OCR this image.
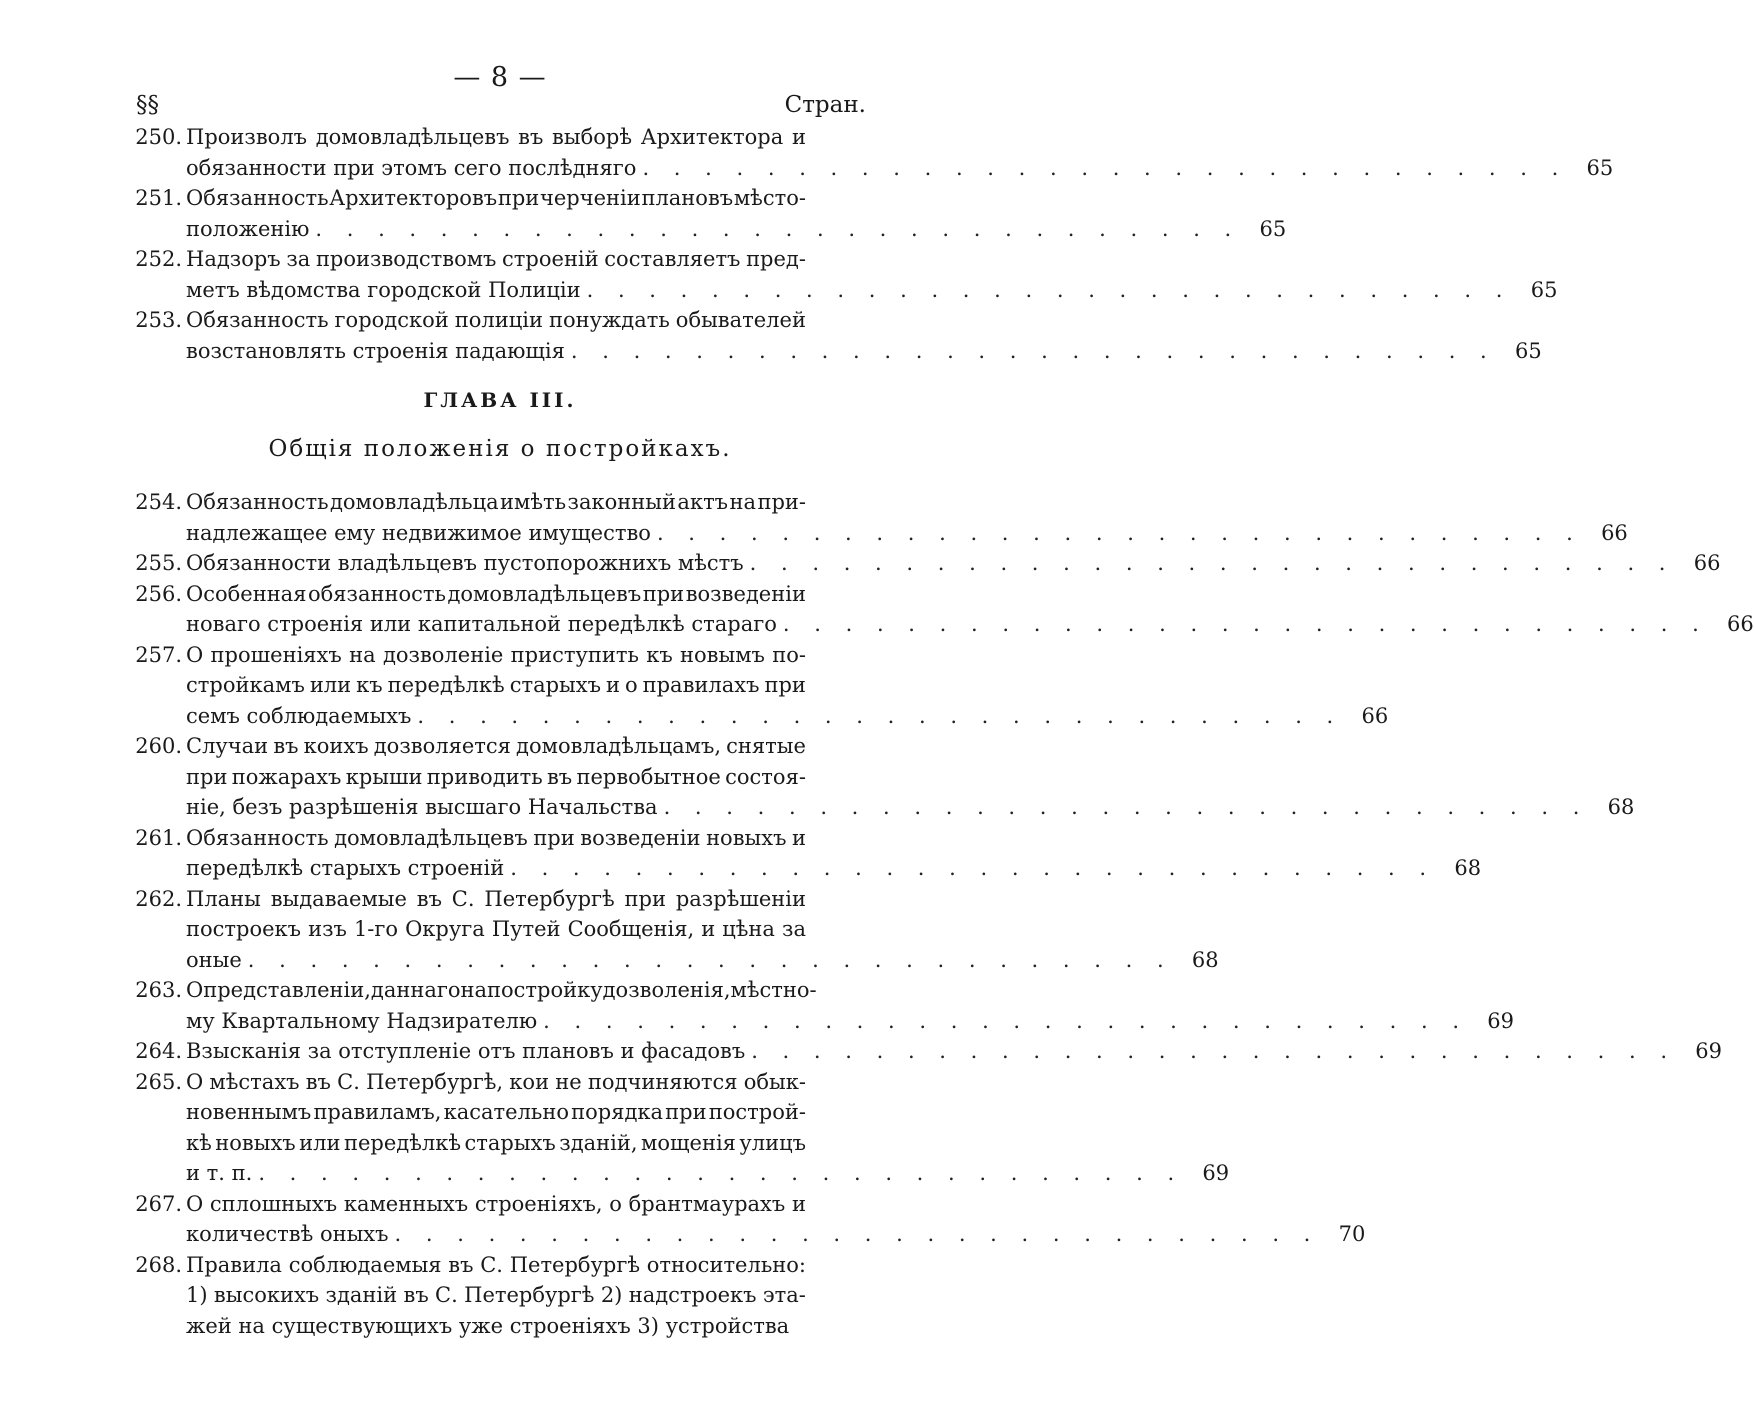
— 8 —
§§	Стран.
250. Произволъ домовладѣльцевъ въ выборѣ Архитектора и
обязанности при этомъ сего послѣдняго . . . . . . . . . . . . . . . . . . . . . . . . . . . . . . 65
251. Обязанность Архитекторовъ при черченіи плановъ мѣсто-
положенію . . . . . . . . . . . . . . . . . . . . . . . . . . . . . . 65
252. Надзоръ за производствомъ строеній составляетъ пред-
метъ вѣдомства городской Полиціи . . . . . . . . . . . . . . . . . . . . . . . . . . . . . . 65
253. Обязанность городской полиціи понуждать обывателей
возстановлять строенія падающія . . . . . . . . . . . . . . . . . . . . . . . . . . . . . . 65
ГЛАВА III.
Общія положенія о постройкахъ.
254. Обязанность домовладѣльца имѣть законный актъ на при-
надлежащее ему недвижимое имущество . . . . . . . . . . . . . . . . . . . . . . . . . . . . . . 66
255. Обязанности владѣльцевъ пустопорожнихъ мѣстъ . . . . . . . . . . . . . . . . . . . . . . . . . . . . . . 66
256. Особенная обязанность домовладѣльцевъ при возведеніи
новаго строенія или капитальной передѣлкѣ стараго . . . . . . . . . . . . . . . . . . . . . . . . . . . . . . 66
257. О прошеніяхъ на дозволеніе приступить къ новымъ по-
стройкамъ или къ передѣлкѣ старыхъ и о правилахъ при
семъ соблюдаемыхъ . . . . . . . . . . . . . . . . . . . . . . . . . . . . . . 66
260. Случаи въ коихъ дозволяется домовладѣльцамъ, снятые
при пожарахъ крыши приводить въ первобытное состоя-
ніе, безъ разрѣшенія высшаго Начальства . . . . . . . . . . . . . . . . . . . . . . . . . . . . . . 68
261. Обязанность домовладѣльцевъ при возведеніи новыхъ и
передѣлкѣ старыхъ строеній . . . . . . . . . . . . . . . . . . . . . . . . . . . . . . 68
262. Планы выдаваемые въ С. Петербургѣ при разрѣшеніи
построекъ изъ 1-го Округа Путей Сообщенія, и цѣна за
оные . . . . . . . . . . . . . . . . . . . . . . . . . . . . . . 68
263. О представленіи, даннаго на постройку дозволенія, мѣстно-
му Квартальному Надзирателю . . . . . . . . . . . . . . . . . . . . . . . . . . . . . . 69
264. Взысканія за отступленіе отъ плановъ и фасадовъ . . . . . . . . . . . . . . . . . . . . . . . . . . . . . . 69
265. О мѣстахъ въ С. Петербургѣ, кои не подчиняются обык-
новеннымъ правиламъ, касательно порядка при построй-
кѣ новыхъ или передѣлкѣ старыхъ зданій, мощенія улицъ
и т. п. . . . . . . . . . . . . . . . . . . . . . . . . . . . . . . 69
267. О сплошныхъ каменныхъ строеніяхъ, о брантмаурахъ и
количествѣ оныхъ . . . . . . . . . . . . . . . . . . . . . . . . . . . . . . 70
268. Правила соблюдаемыя въ С. Петербургѣ относительно:
1) высокихъ зданій въ С. Петербургѣ 2) надстроекъ эта-
жей на существующихъ уже строеніяхъ 3) устройства
